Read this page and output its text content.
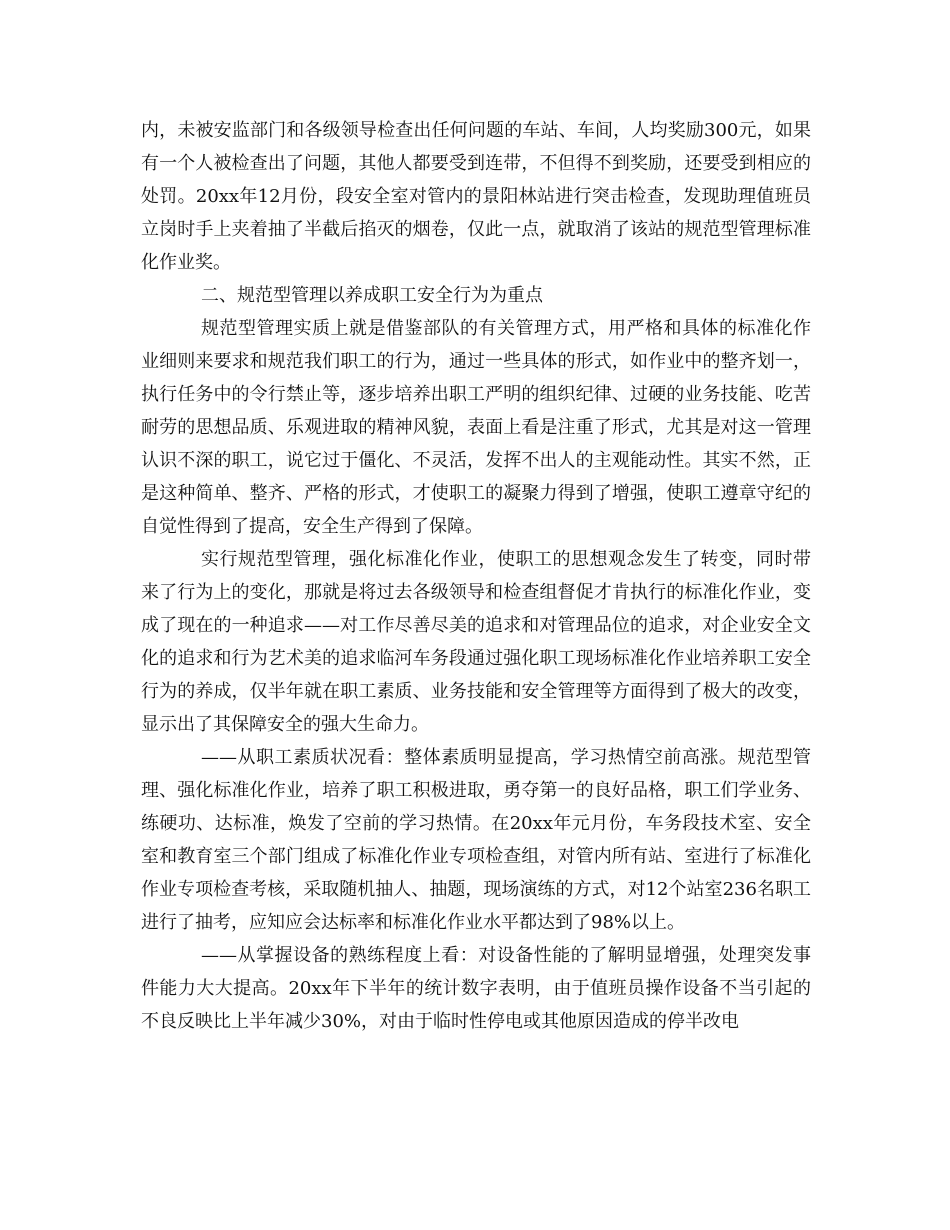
内，未被安监部门和各级领导检查出任何问题的车站、车间，人均奖励300元，如果有一个人被检查出了问题，其他人都要受到连带，不但得不到奖励，还要受到相应的处罚。20xx年12月份，段安全室对管内的景阳林站进行突击检查，发现助理值班员立岗时手上夹着抽了半截后掐灭的烟卷，仅此一点，就取消了该站的规范型管理标准化作业奖。

二、规范型管理以养成职工安全行为为重点

规范型管理实质上就是借鉴部队的有关管理方式，用严格和具体的标准化作业细则来要求和规范我们职工的行为，通过一些具体的形式，如作业中的整齐划一，执行任务中的令行禁止等，逐步培养出职工严明的组织纪律、过硬的业务技能、吃苦耐劳的思想品质、乐观进取的精神风貌，表面上看是注重了形式，尤其是对这一管理认识不深的职工，说它过于僵化、不灵活，发挥不出人的主观能动性。其实不然，正是这种简单、整齐、严格的形式，才使职工的凝聚力得到了增强，使职工遵章守纪的自觉性得到了提高，安全生产得到了保障。

实行规范型管理，强化标准化作业，使职工的思想观念发生了转变，同时带来了行为上的变化，那就是将过去各级领导和检查组督促才肯执行的标准化作业，变成了现在的一种追求——对工作尽善尽美的追求和对管理品位的追求，对企业安全文化的追求和行为艺术美的追求临河车务段通过强化职工现场标准化作业培养职工安全行为的养成，仅半年就在职工素质、业务技能和安全管理等方面得到了极大的改变，显示出了其保障安全的强大生命力。

——从职工素质状况看：整体素质明显提高，学习热情空前高涨。规范型管理、强化标准化作业，培养了职工积极进取，勇夺第一的良好品格，职工们学业务、练硬功、达标准，焕发了空前的学习热情。在20xx年元月份，车务段技术室、安全室和教育室三个部门组成了标准化作业专项检查组，对管内所有站、室进行了标准化作业专项检查考核，采取随机抽人、抽题，现场演练的方式，对12个站室236名职工进行了抽考，应知应会达标率和标准化作业水平都达到了98%以上。

——从掌握设备的熟练程度上看：对设备性能的了解明显增强，处理突发事件能力大大提高。20xx年下半年的统计数字表明，由于值班员操作设备不当引起的不良反映比上半年减少30%，对由于临时性停电或其他原因造成的停半改电
